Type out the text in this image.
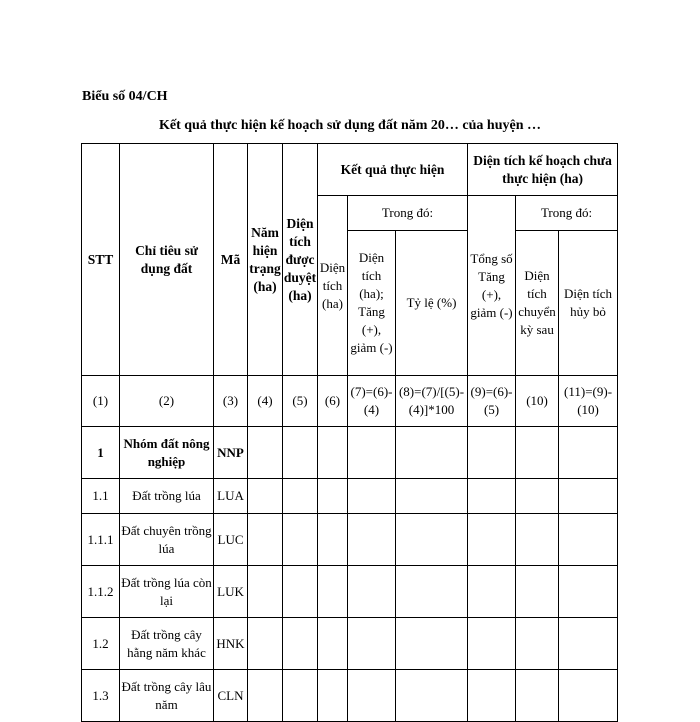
Biểu số 04/CH
Kết quả thực hiện kế hoạch sử dụng đất năm 20… của huyện …
STT	Chỉ tiêu sử dụng đất	Mã	Năm hiện trạng (ha)	Diện tích được duyệt (ha)	Kết quả thực hiện			Diện tích kế hoạch chưa thực hiện (ha)		
					Diện tích (ha)	Trong đó:		Tổng số Tăng (+), giảm (-)	Trong đó:	
						Diện tích (ha); Tăng (+), giảm (-)	Tỷ lệ (%)		Diện tích chuyển kỳ sau	Diện tích hủy bỏ
(1)	(2)	(3)	(4)	(5)	(6)	(7)=(6)-(4)	(8)=(7)/[(5)-(4)]*100	(9)=(6)-(5)	(10)	(11)=(9)-(10)
1	Nhóm đất nông nghiệp	NNP								
1.1	Đất trồng lúa	LUA								
1.1.1	Đất chuyên trồng lúa	LUC								
1.1.2	Đất trồng lúa còn lại	LUK								
1.2	Đất trồng cây hằng năm khác	HNK								
1.3	Đất trồng cây lâu năm	CLN								
